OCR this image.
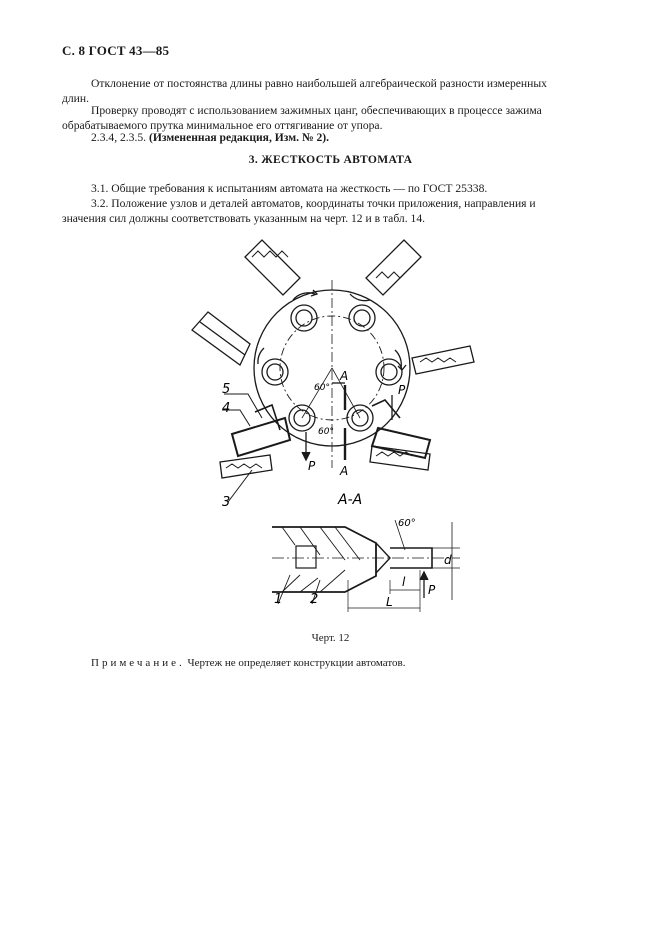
С. 8 ГОСТ 43—85
Отклонение от постоянства длины равно наибольшей алгебраической разности измеренных
длин.
Проверку проводят с использованием зажимных цанг, обеспечивающих в процессе зажима
обрабатываемого прутка минимальное его оттягивание от упора.
2.3.4, 2.3.5. (Измененная редакция, Изм. № 2).
3. ЖЕСТКОСТЬ АВТОМАТА
3.1. Общие требования к испытаниям автомата на жесткость — по ГОСТ 25338.
3.2. Положение узлов и деталей автоматов, координаты точки приложения, направления и
значения сил должны соответствовать указанным на черт. 12 и в табл. 14.
5
4
3
60°
60°
A
A
P
P
A-A
60°
1 2
l
L
P
d
Черт. 12
Примечание. Чертеж не определяет конструкции автоматов.
